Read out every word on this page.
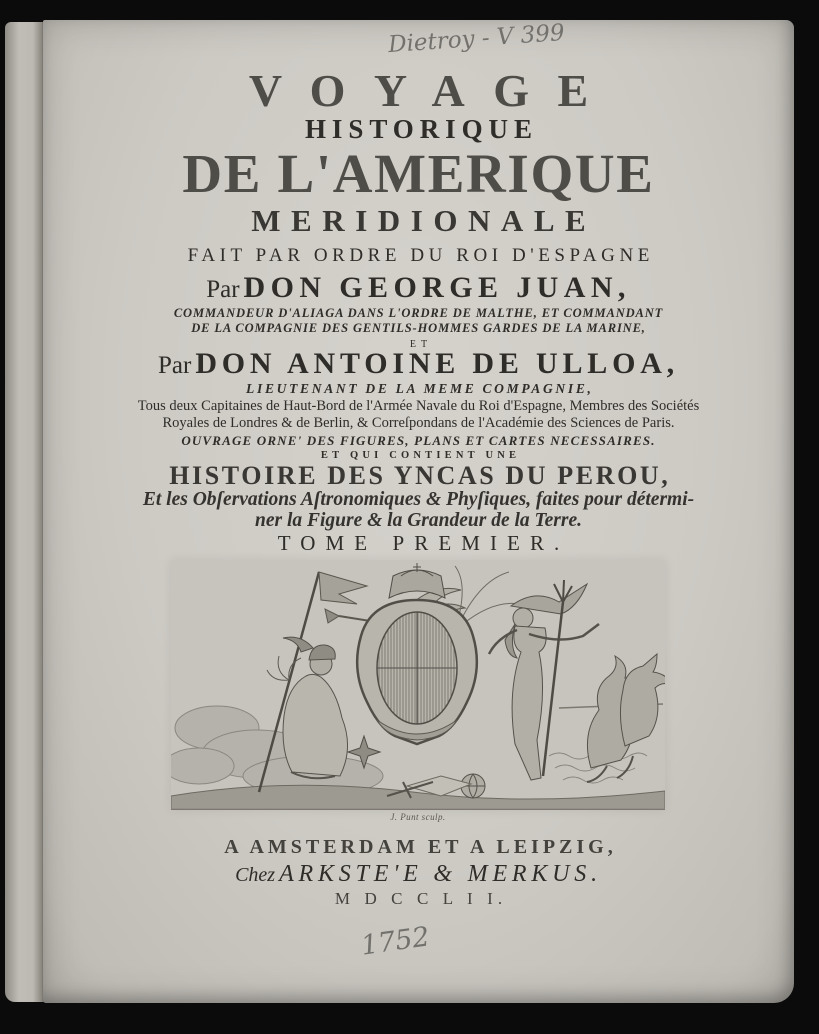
Dietroy - V 399
VOYAGE
HISTORIQUE
DE L'AMERIQUE
MERIDIONALE
FAIT PAR ORDRE DU ROI D'ESPAGNE
Par DON GEORGE JUAN,
COMMANDEUR D'ALIAGA DANS L'ORDRE DE MALTHE, ET COMMANDANT
DE LA COMPAGNIE DES GENTILS-HOMMES GARDES DE LA MARINE,
ET
Par DON ANTOINE DE ULLOA,
LIEUTENANT DE LA MEME COMPAGNIE,
Tous deux Capitaines de Haut-Bord de l'Armée Navale du Roi d'Espagne, Membres des Sociétés
Royales de Londres & de Berlin, & Correſpondans de l'Académie des Sciences de Paris.
OUVRAGE ORNE' DES FIGURES, PLANS ET CARTES NECESSAIRES.
ET QUI CONTIENT UNE
HISTOIRE DES YNCAS DU PEROU,
Et les Obſervations Aſtronomiques & Phyſiques, faites pour détermi-
ner la Figure & la Grandeur de la Terre.
TOME PREMIER.
J. Punt sculp.
A AMSTERDAM ET A LEIPZIG,
Chez ARKSTE'E & MERKUS.
M D C C L I I.
1752
